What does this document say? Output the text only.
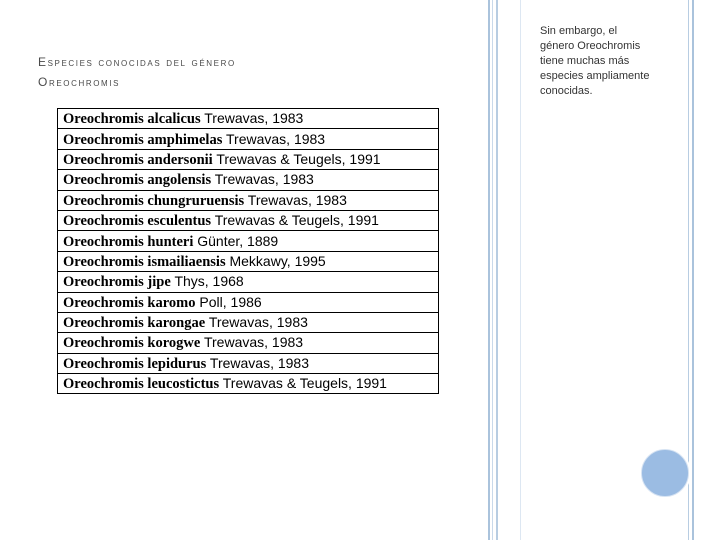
Especies conocidas del género
Oreochromis
Oreochromis alcalicus Trewavas, 1983
Oreochromis amphimelas Trewavas, 1983
Oreochromis andersonii Trewavas & Teugels, 1991
Oreochromis angolensis Trewavas, 1983
Oreochromis chungruruensis Trewavas, 1983
Oreochromis esculentus Trewavas & Teugels, 1991
Oreochromis hunteri Günter, 1889
Oreochromis ismailiaensis Mekkawy, 1995
Oreochromis jipe Thys, 1968
Oreochromis karomo Poll, 1986
Oreochromis karongae Trewavas, 1983
Oreochromis korogwe Trewavas, 1983
Oreochromis lepidurus Trewavas, 1983
Oreochromis leucostictus Trewavas & Teugels, 1991
Sin embargo, el género Oreochromis tiene muchas más especies ampliamente conocidas.
